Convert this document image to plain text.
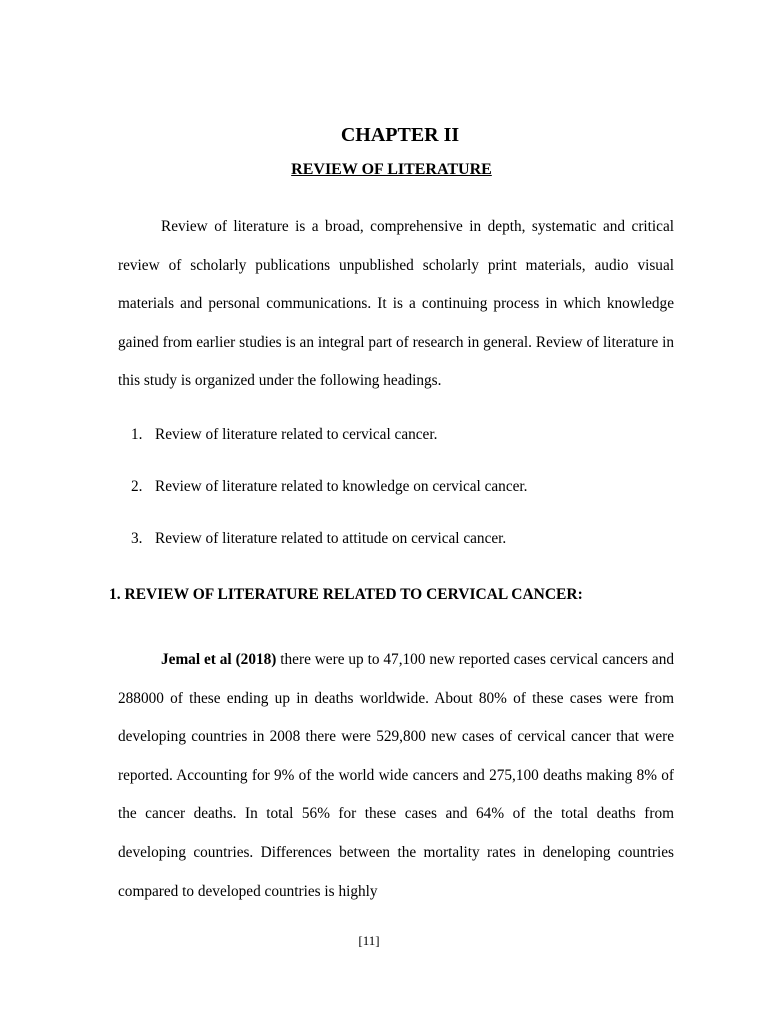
CHAPTER II
REVIEW OF LITERATURE

Review of literature is a broad, comprehensive in depth, systematic and critical review of scholarly publications unpublished scholarly print materials, audio visual materials and personal communications. It is a continuing process in which knowledge gained from earlier studies is an integral part of research in general. Review of literature in this study is organized under the following headings.

1. Review of literature related to cervical cancer.
2. Review of literature related to knowledge on cervical cancer.
3. Review of literature related to attitude on cervical cancer.
1. REVIEW OF LITERATURE RELATED TO CERVICAL CANCER:

Jemal et al (2018) there were up to 47,100 new reported cases cervical cancers and 288000 of these ending up in deaths worldwide. About 80% of these cases were from developing countries in 2008 there were 529,800 new cases of cervical cancer that were reported. Accounting for 9% of the world wide cancers and 275,100 deaths making 8% of the cancer deaths. In total 56% for these cases and 64% of the total deaths from developing countries. Differences between the mortality rates in deneloping countries compared to developed countries is highly

[11]
